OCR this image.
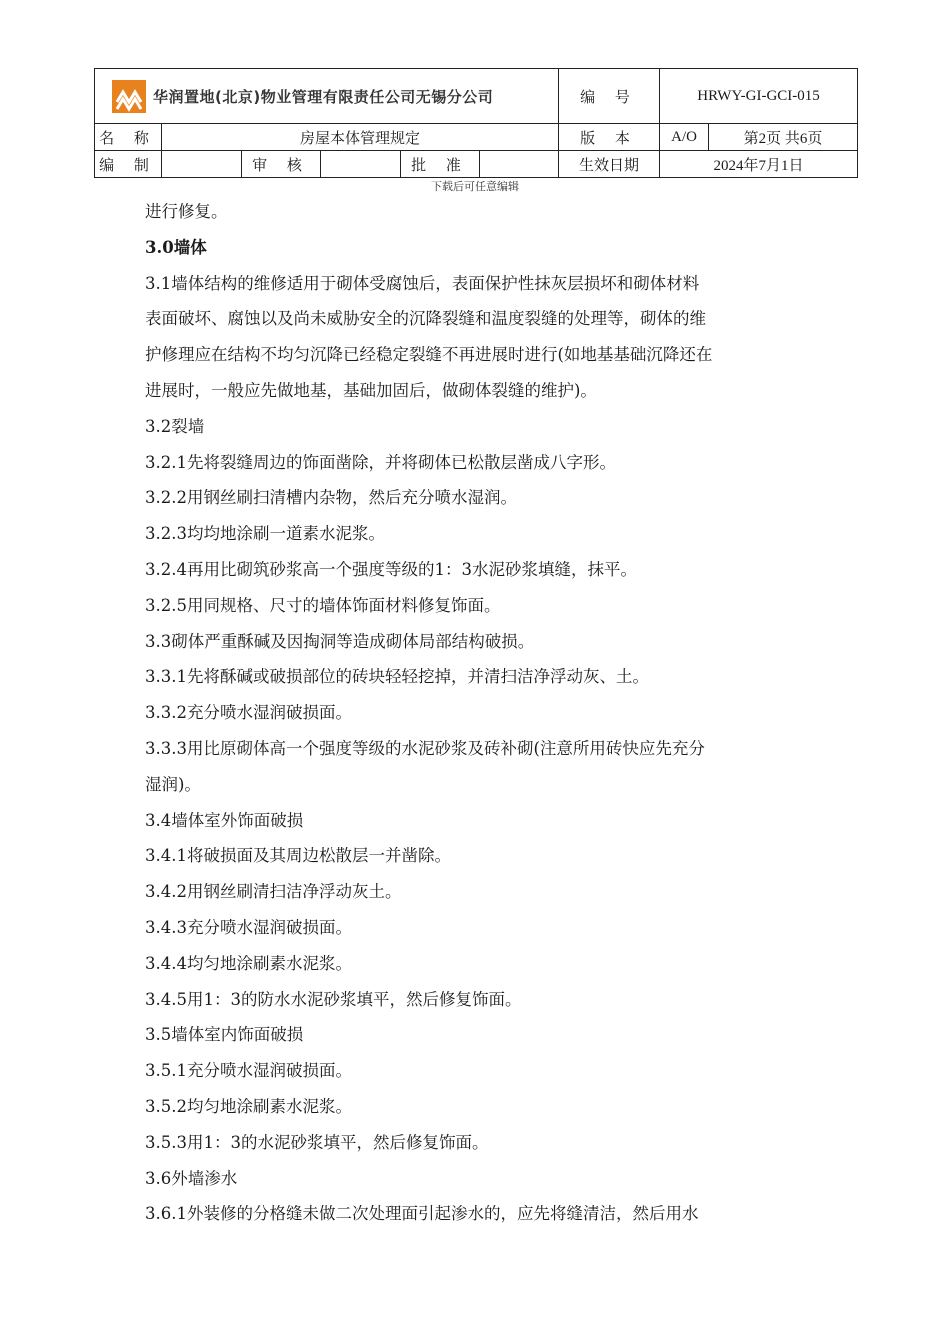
华润置地(北京)物业管理有限责任公司无锡分公司						编 号	HRWY-GI-GCI-015	
名 称	房屋本体管理规定					版 本	A/O	第2页 共6页
编 制		审 核		批 准		生效日期	2024年7月1日	
下载后可任意编辑
进行修复。
3.0墙体
3.1墙体结构的维修适用于砌体受腐蚀后，表面保护性抹灰层损坏和砌体材料
表面破坏、腐蚀以及尚未威胁安全的沉降裂缝和温度裂缝的处理等，砌体的维
护修理应在结构不均匀沉降已经稳定裂缝不再进展时进行(如地基基础沉降还在
进展时，一般应先做地基，基础加固后，做砌体裂缝的维护)。
3.2裂墙
3.2.1先将裂缝周边的饰面凿除，并将砌体已松散层凿成八字形。
3.2.2用钢丝刷扫清槽内杂物，然后充分喷水湿润。
3.2.3均均地涂刷一道素水泥浆。
3.2.4再用比砌筑砂浆高一个强度等级的1：3水泥砂浆填缝，抹平。
3.2.5用同规格、尺寸的墙体饰面材料修复饰面。
3.3砌体严重酥碱及因掏洞等造成砌体局部结构破损。
3.3.1先将酥碱或破损部位的砖块轻轻挖掉，并清扫洁净浮动灰、土。
3.3.2充分喷水湿润破损面。
3.3.3用比原砌体高一个强度等级的水泥砂浆及砖补砌(注意所用砖快应先充分
湿润)。
3.4墙体室外饰面破损
3.4.1将破损面及其周边松散层一并凿除。
3.4.2用钢丝刷清扫洁净浮动灰土。
3.4.3充分喷水湿润破损面。
3.4.4均匀地涂刷素水泥浆。
3.4.5用1：3的防水水泥砂浆填平，然后修复饰面。
3.5墙体室内饰面破损
3.5.1充分喷水湿润破损面。
3.5.2均匀地涂刷素水泥浆。
3.5.3用1：3的水泥砂浆填平，然后修复饰面。
3.6外墙渗水
3.6.1外装修的分格缝未做二次处理面引起渗水的，应先将缝清洁，然后用水
